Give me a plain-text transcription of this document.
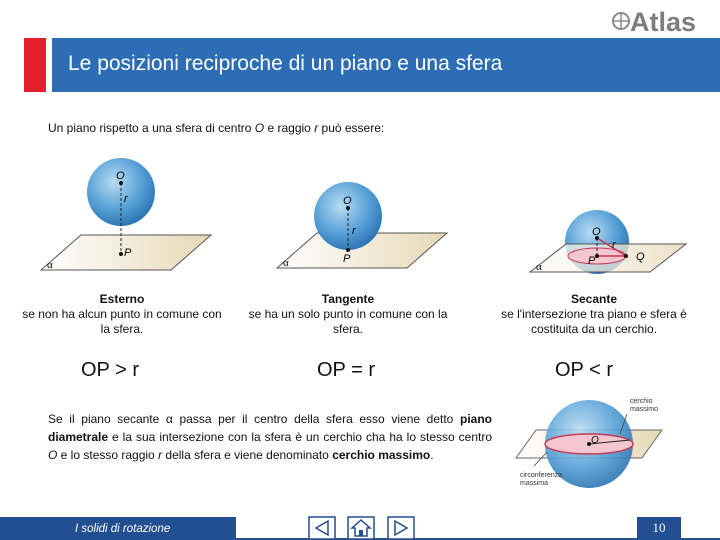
Atlas
Le posizioni reciproche di un piano e una sfera
Un piano rispetto a una sfera di centro O e raggio r può essere:
O
r
P
α
O
r
P
α
O
r
P	Q
α
Esterno
se non ha alcun punto in comune con la sfera.
Tangente
se ha un solo punto in comune con la sfera.
Secante
se l'intersezione tra piano e sfera è costituita da un cerchio.
OP > r	OP = r	OP < r
Se il piano secante α passa per il centro della sfera esso viene detto piano diametrale e la sua intersezione con la sfera è un cerchio cha ha lo stesso centro O e lo stesso raggio r della sfera e viene denominato cerchio massimo.
O
cerchio massimo
circonferenza massima
I solidi di rotazione	10
